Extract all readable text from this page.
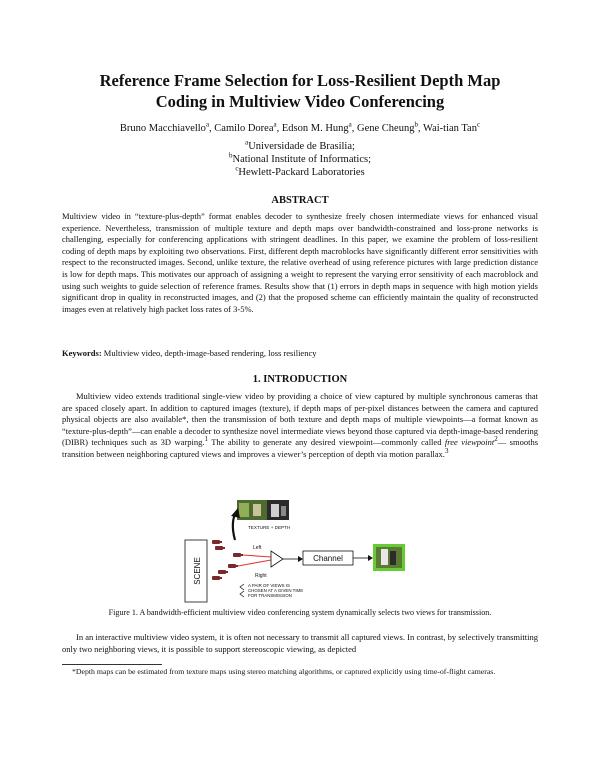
Reference Frame Selection for Loss-Resilient Depth Map
Coding in Multiview Video Conferencing
Bruno Macchiavello$^a$, Camilo Dorea$^a$, Edson M. Hung$^a$, Gene Cheung$^b$, Wai-tian Tan$^c$
$^a$Universidade de Brasilia;
$^b$National Institute of Informatics;
$^c$Hewlett-Packard Laboratories
ABSTRACT
Multiview video in “texture-plus-depth” format enables decoder to synthesize freely chosen intermediate views for enhanced visual experience. Nevertheless, transmission of multiple texture and depth maps over bandwidth-constrained and loss-prone networks is challenging, especially for conferencing applications with stringent deadlines. In this paper, we examine the problem of loss-resilient coding of depth maps by exploiting two observations. First, different depth macroblocks have significantly different error sensitivities with respect to the reconstructed images. Second, unlike texture, the relative overhead of using reference pictures with large prediction distance is low for depth maps. This motivates our approach of assigning a weight to represent the varying error sensitivity of each macroblock and using such weights to guide selection of reference frames. Results show that (1) errors in depth maps in sequence with high motion yields significant drop in quality in reconstructed images, and (2) that the proposed scheme can efficiently maintain the quality of reconstructed images even at relatively high packet loss rates of 3-5%.
Keywords: Multiview video, depth-image-based rendering, loss resiliency
1. INTRODUCTION
Multiview video extends traditional single-view video by providing a choice of view captured by multiple synchronous cameras that are spaced closely apart. In addition to captured images (texture), if depth maps of per-pixel distances between the camera and captured physical objects are also available*, then the transmission of both texture and depth maps of multiple viewpoints—a format known as “texture-plus-depth”—can enable a decoder to synthesize novel intermediate views beyond those captured via depth-image-based rendering (DIBR) techniques such as 3D warping.$^1$ The ability to generate any desired viewpoint—commonly called free viewpoint$^2$— smooths transition between neighboring captured views and improves a viewer’s perception of depth via motion parallax.$^3$
TEXTURE + DEPTH
SCENE
Left
Right
Channel
A PAIR OF VIEWS IS
CHOSEN AT A GIVEN TIME
FOR TRANSMISSION
Figure 1. A bandwidth-efficient multiview video conferencing system dynamically selects two views for transmission.
In an interactive multiview video system, it is often not necessary to transmit all captured views. In contrast, by selectively transmitting only two neighboring views, it is possible to support stereoscopic viewing, as depicted
*Depth maps can be estimated from texture maps using stereo matching algorithms, or captured explicitly using time-of-flight cameras.
